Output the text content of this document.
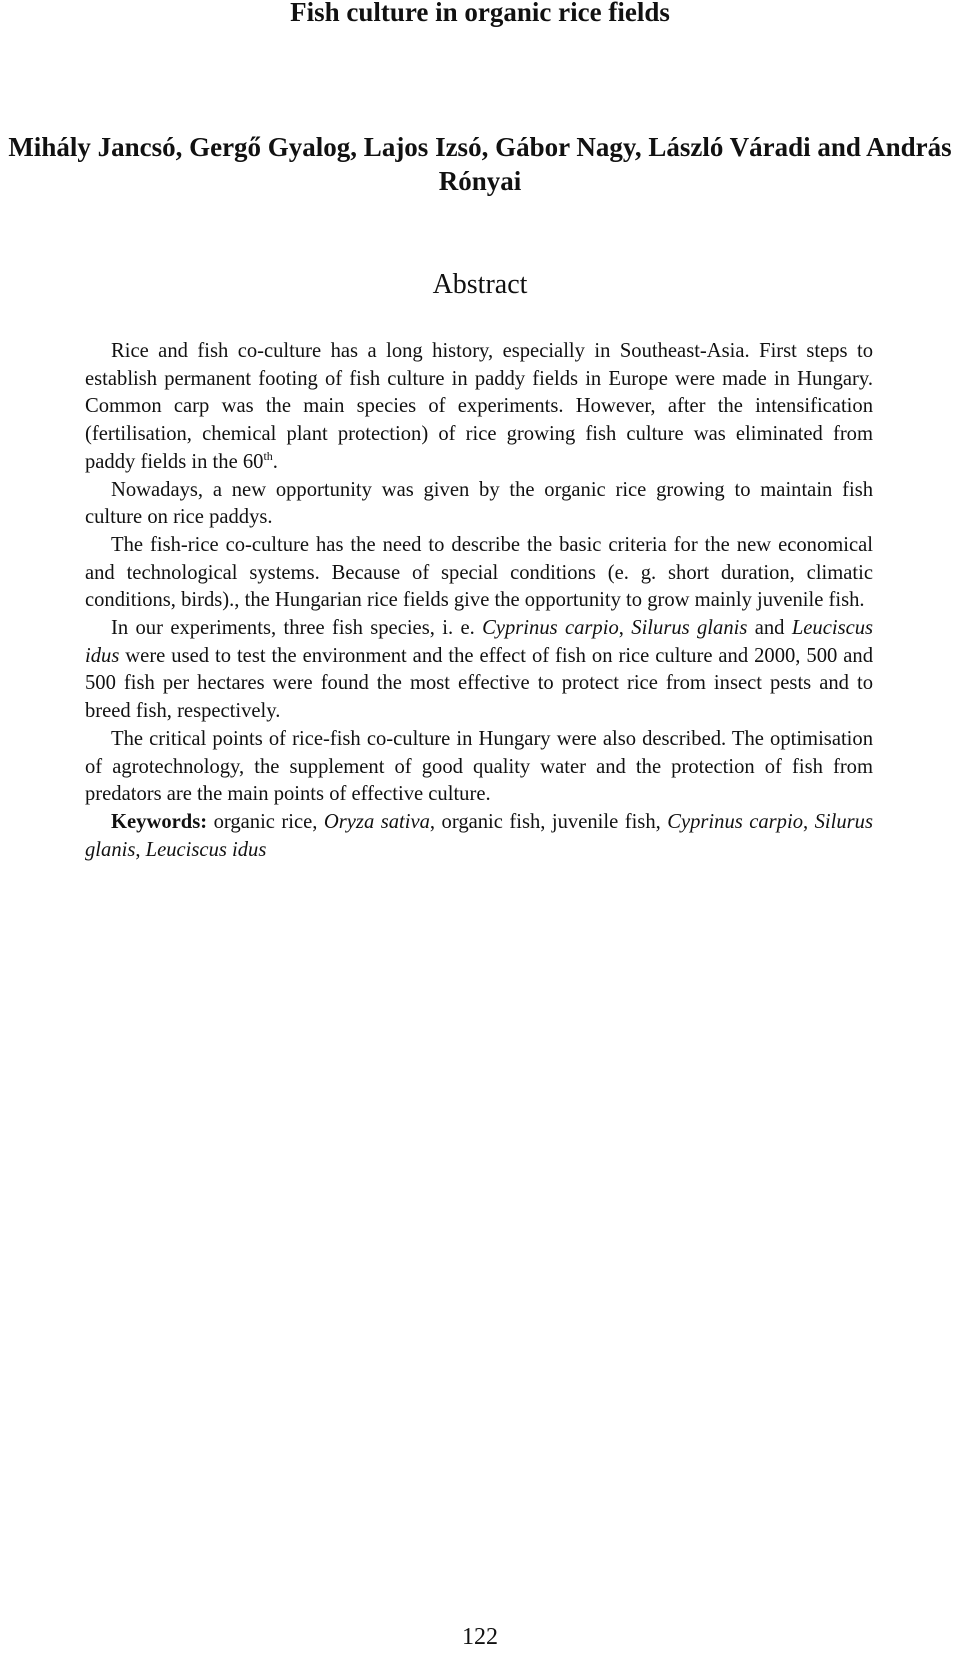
Fish culture in organic rice fields
Mihály Jancsó, Gergő Gyalog, Lajos Izsó, Gábor Nagy, László Váradi and András Rónyai
Abstract

Rice and fish co-culture has a long history, especially in Southeast-Asia. First steps to establish permanent footing of fish culture in paddy fields in Europe were made in Hungary. Common carp was the main species of experiments. However, after the intensification (fertilisation, chemical plant protection) of rice growing fish culture was eliminated from paddy fields in the 60th.

Nowadays, a new opportunity was given by the organic rice growing to maintain fish culture on rice paddys.

The fish-rice co-culture has the need to describe the basic criteria for the new economical and technological systems. Because of special conditions (e. g. short duration, climatic conditions, birds)., the Hungarian rice fields give the opportunity to grow mainly juvenile fish.

In our experiments, three fish species, i. e. Cyprinus carpio, Silurus glanis and Leuciscus idus were used to test the environment and the effect of fish on rice culture and 2000, 500 and 500 fish per hectares were found the most effective to protect rice from insect pests and to breed fish, respectively.

The critical points of rice-fish co-culture in Hungary were also described. The optimisation of agrotechnology, the supplement of good quality water and the protection of fish from predators are the main points of effective culture.

Keywords: organic rice, Oryza sativa, organic fish, juvenile fish, Cyprinus carpio, Silurus glanis, Leuciscus idus

122
